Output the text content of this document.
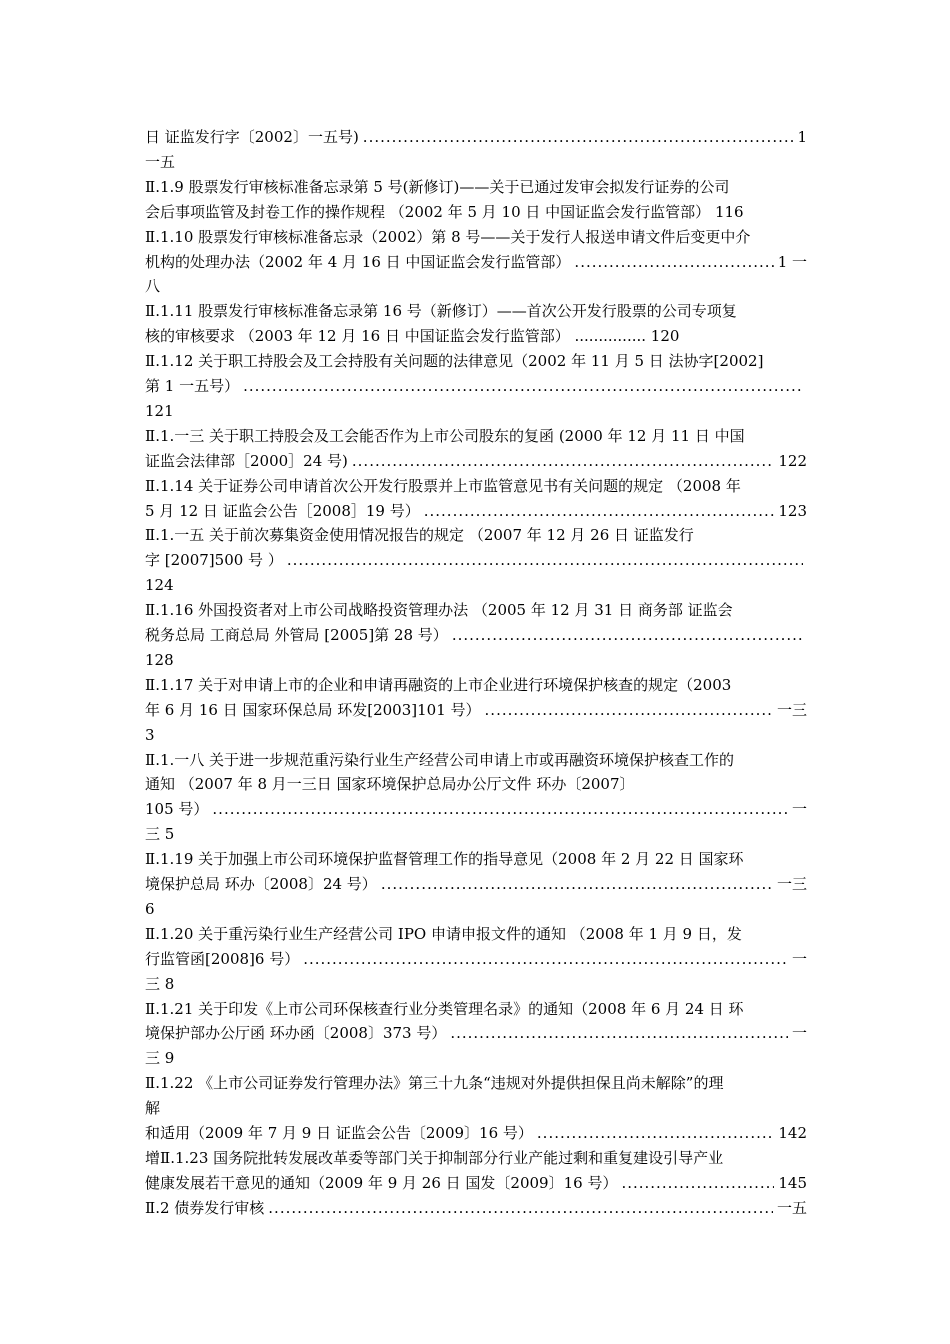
日 证监发行字〔2002〕一五号) .....	1
一五
Ⅱ.1.9 股票发行审核标准备忘录第 5 号(新修订)——关于已通过发审会拟发行证券的公司
会后事项监管及封卷工作的操作规程 （2002 年 5 月 10 日 中国证监会发行监管部） 116
Ⅱ.1.10 股票发行审核标准备忘录（2002）第 8 号——关于发行人报送申请文件后变更中介
机构的处理办法（2002 年 4 月 16 日 中国证监会发行监管部） .....	1 一
八
Ⅱ.1.11 股票发行审核标准备忘录第 16 号（新修订）——首次公开发行股票的公司专项复
核的审核要求 （2003 年 12 月 16 日 中国证监会发行监管部） ............... 120
Ⅱ.1.12 关于职工持股会及工会持股有关问题的法律意见（2002 年 11 月 5 日 法协字[2002]
第 1 一五号）
.....
121
Ⅱ.1.一三 关于职工持股会及工会能否作为上市公司股东的复函 (2000 年 12 月 11 日 中国
证监会法律部［2000］24 号) .....	122
Ⅱ.1.14 关于证券公司申请首次公开发行股票并上市监管意见书有关问题的规定 （2008 年
5 月 12 日 证监会公告［2008］19 号） .....	123
Ⅱ.1.一五 关于前次募集资金使用情况报告的规定 （2007 年 12 月 26 日 证监发行
字 [2007]500 号 ）
.....
124
Ⅱ.1.16 外国投资者对上市公司战略投资管理办法 （2005 年 12 月 31 日 商务部 证监会
税务总局 工商总局 外管局 [2005]第 28 号）
.....
128
Ⅱ.1.17 关于对申请上市的企业和申请再融资的上市企业进行环境保护核查的规定（2003
年 6 月 16 日 国家环保总局 环发[2003]101 号） .....	一三
3
Ⅱ.1.一八 关于进一步规范重污染行业生产经营公司申请上市或再融资环境保护核查工作的
通知 （2007 年 8 月一三日 国家环境保护总局办公厅文件 环办〔2007〕
105 号） .....	一
三 5
Ⅱ.1.19 关于加强上市公司环境保护监督管理工作的指导意见（2008 年 2 月 22 日 国家环
境保护总局 环办〔2008〕24 号） .....	一三
6
Ⅱ.1.20 关于重污染行业生产经营公司 IPO 申请申报文件的通知 （2008 年 1 月 9 日，发
行监管函[2008]6 号） .....	一
三 8
Ⅱ.1.21 关于印发《上市公司环保核查行业分类管理名录》的通知（2008 年 6 月 24 日 环
境保护部办公厅函 环办函〔2008〕373 号） .....	一
三 9
Ⅱ.1.22 《上市公司证券发行管理办法》第三十九条“违规对外提供担保且尚未解除”的理
解
和适用（2009 年 7 月 9 日 证监会公告〔2009〕16 号） .....	142
增Ⅱ.1.23 国务院批转发展改革委等部门关于抑制部分行业产能过剩和重复建设引导产业
健康发展若干意见的通知（2009 年 9 月 26 日 国发〔2009〕16 号） .....	145
Ⅱ.2 债券发行审核 .....	一五
